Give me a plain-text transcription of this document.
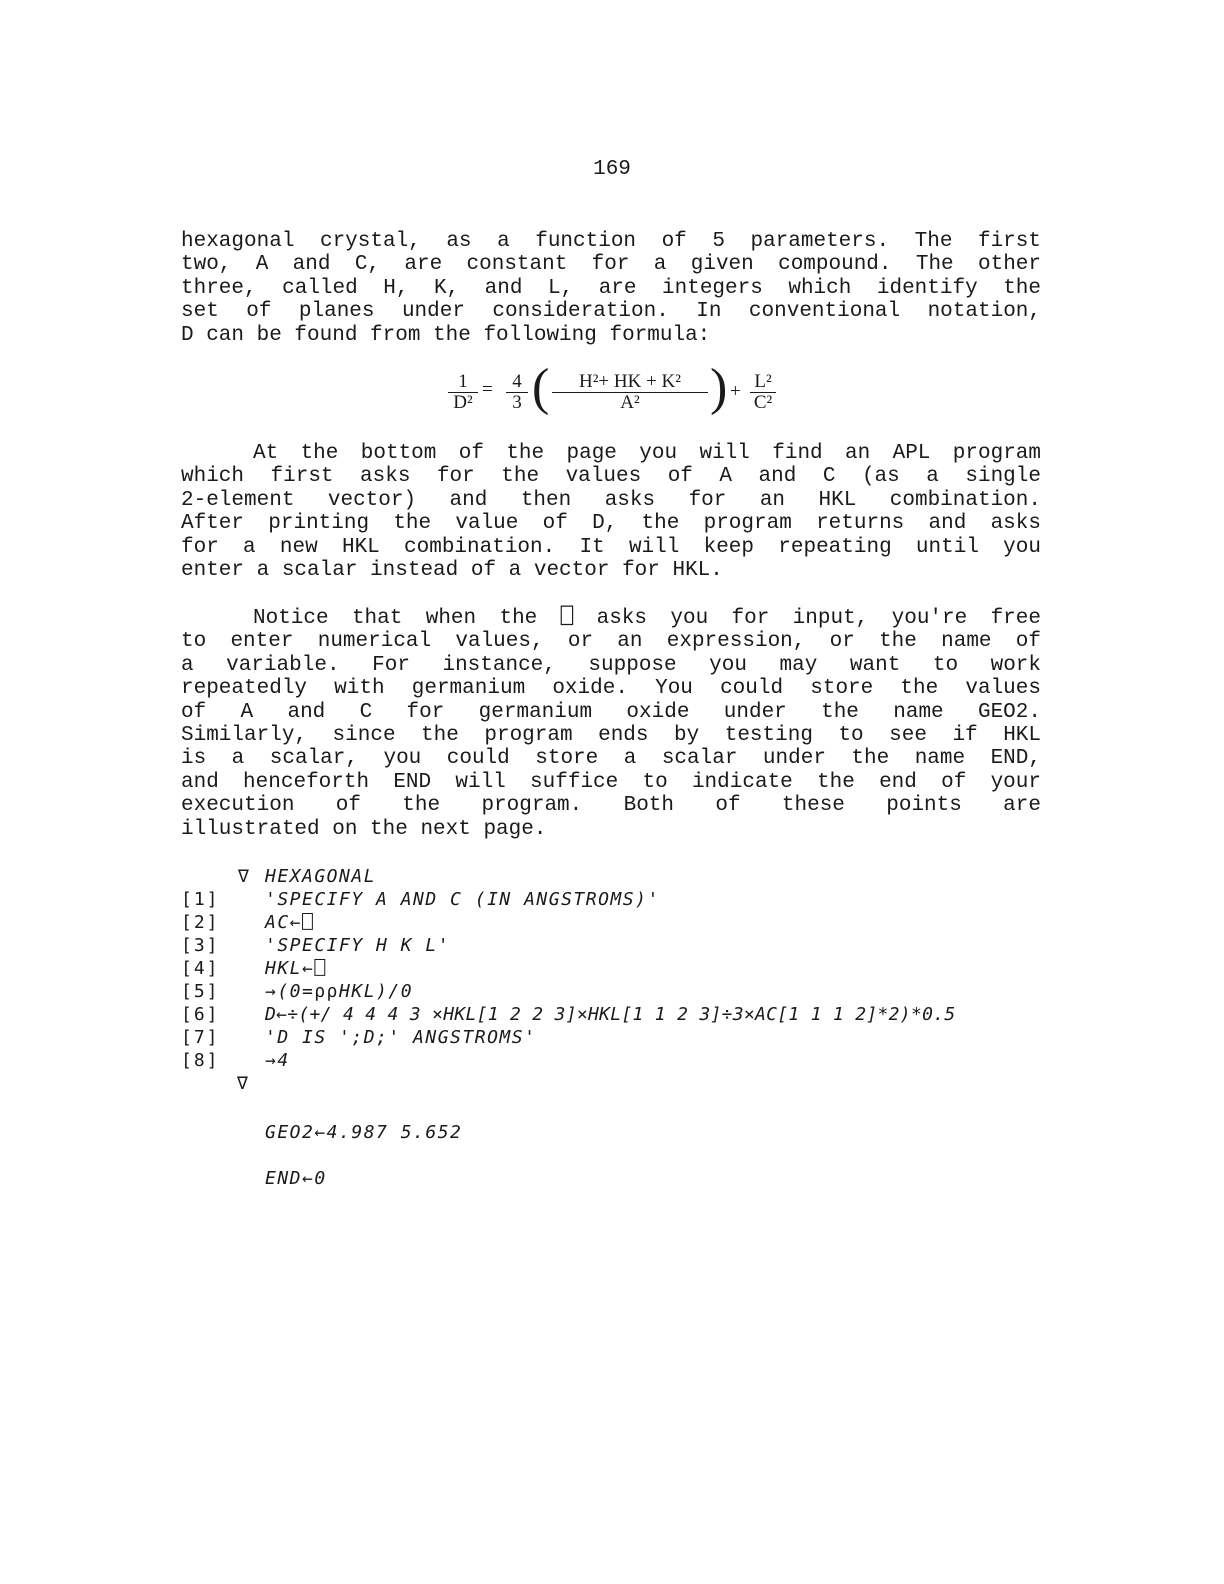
169
hexagonal crystal, as a function of 5 parameters. The first
two, A and C, are constant for a given compound. The other
three, called H, K, and L, are integers which identify the
set of planes under consideration. In conventional notation,
D can be found from the following formula:
$\frac{1}{\text{D²}} = \frac{4}{3}$ ( $\frac{\text{H²+ HK + K²}}{\text{A²}}$ ) + $\frac{\text{L²}}{\text{C²}}$
At the bottom of the page you will find an APL program
which first asks for the values of A and C (as a single
2-element vector) and then asks for an HKL combination.
After printing the value of D, the program returns and asks
for a new HKL combination. It will keep repeating until you
enter a scalar instead of a vector for HKL.
Notice that when the ⎕ asks you for input, you're free
to enter numerical values, or an expression, or the name of
a variable. For instance, suppose you may want to work
repeatedly with germanium oxide. You could store the values
of A and C for germanium oxide under the name GEO2.
Similarly, since the program ends by testing to see if HKL
is a scalar, you could store a scalar under the name END,
and henceforth END will suffice to indicate the end of your
execution of the program. Both of these points are
illustrated on the next page.
∇ HEXAGONAL
[1]	'SPECIFY A AND C (IN ANGSTROMS)'
[2]	AC←⎕
[3]	'SPECIFY H K L'
[4]	HKL←⎕
[5]	→(0=⍴⍴HKL)/0
[6]	D←÷(+/ 4 4 4 3 ×HKL[1 2 2 3]×HKL[1 1 2 3]÷3×AC[1 1 1 2]*2)*0.5
[7]	'D IS ';D;' ANGSTROMS'
[8]	→4
∇
GEO2←4.987 5.652
END←0
